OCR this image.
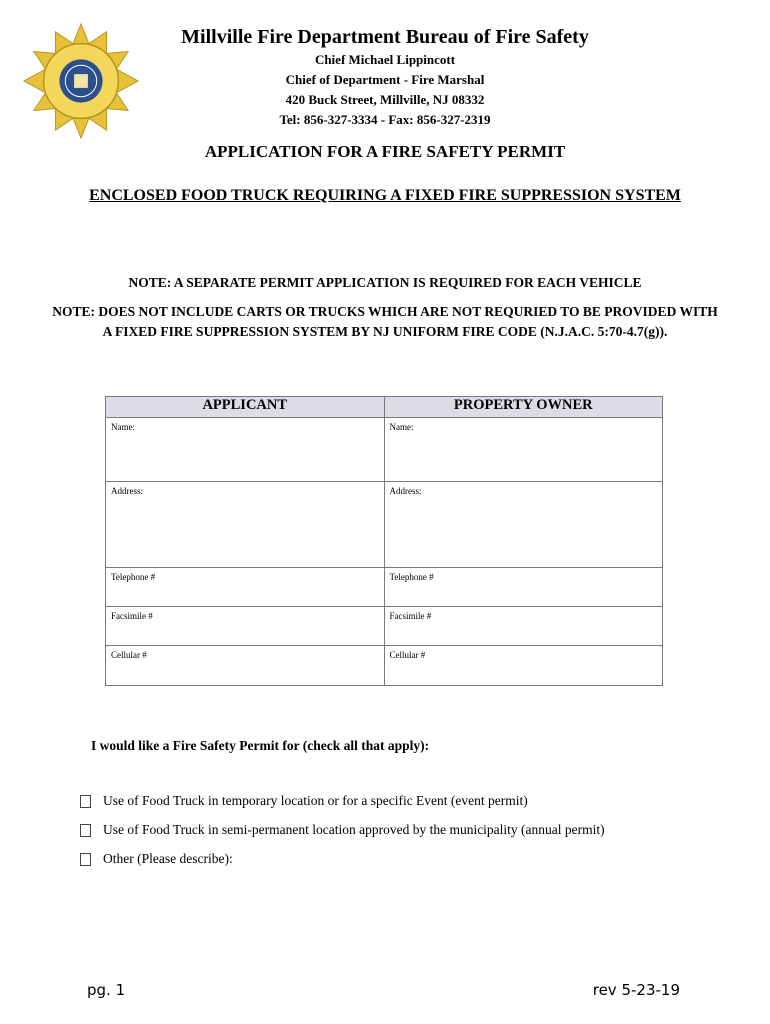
Millville Fire Department Bureau of Fire Safety
Chief Michael Lippincott
Chief of Department - Fire Marshal
420 Buck Street, Millville, NJ 08332
Tel: 856-327-3334 - Fax: 856-327-2319
APPLICATION FOR A FIRE SAFETY PERMIT
ENCLOSED FOOD TRUCK REQUIRING A FIXED FIRE SUPPRESSION SYSTEM
NOTE: A SEPARATE PERMIT APPLICATION IS REQUIRED FOR EACH VEHICLE
NOTE: DOES NOT INCLUDE CARTS OR TRUCKS WHICH ARE NOT REQURIED TO BE PROVIDED WITH A FIXED FIRE SUPPRESSION SYSTEM BY NJ UNIFORM FIRE CODE (N.J.A.C. 5:70-4.7(g)).
APPLICANT	PROPERTY OWNER

Name:	Name:

Address:	Address:

Telephone #	Telephone #

Facsimile #	Facsimile #

Cellular #	Cellular #
I would like a Fire Safety Permit for (check all that apply):
Use of Food Truck in temporary location or for a specific Event (event permit)
Use of Food Truck in semi-permanent location approved by the municipality (annual permit)
Other (Please describe):
pg. 1	rev 5-23-19
